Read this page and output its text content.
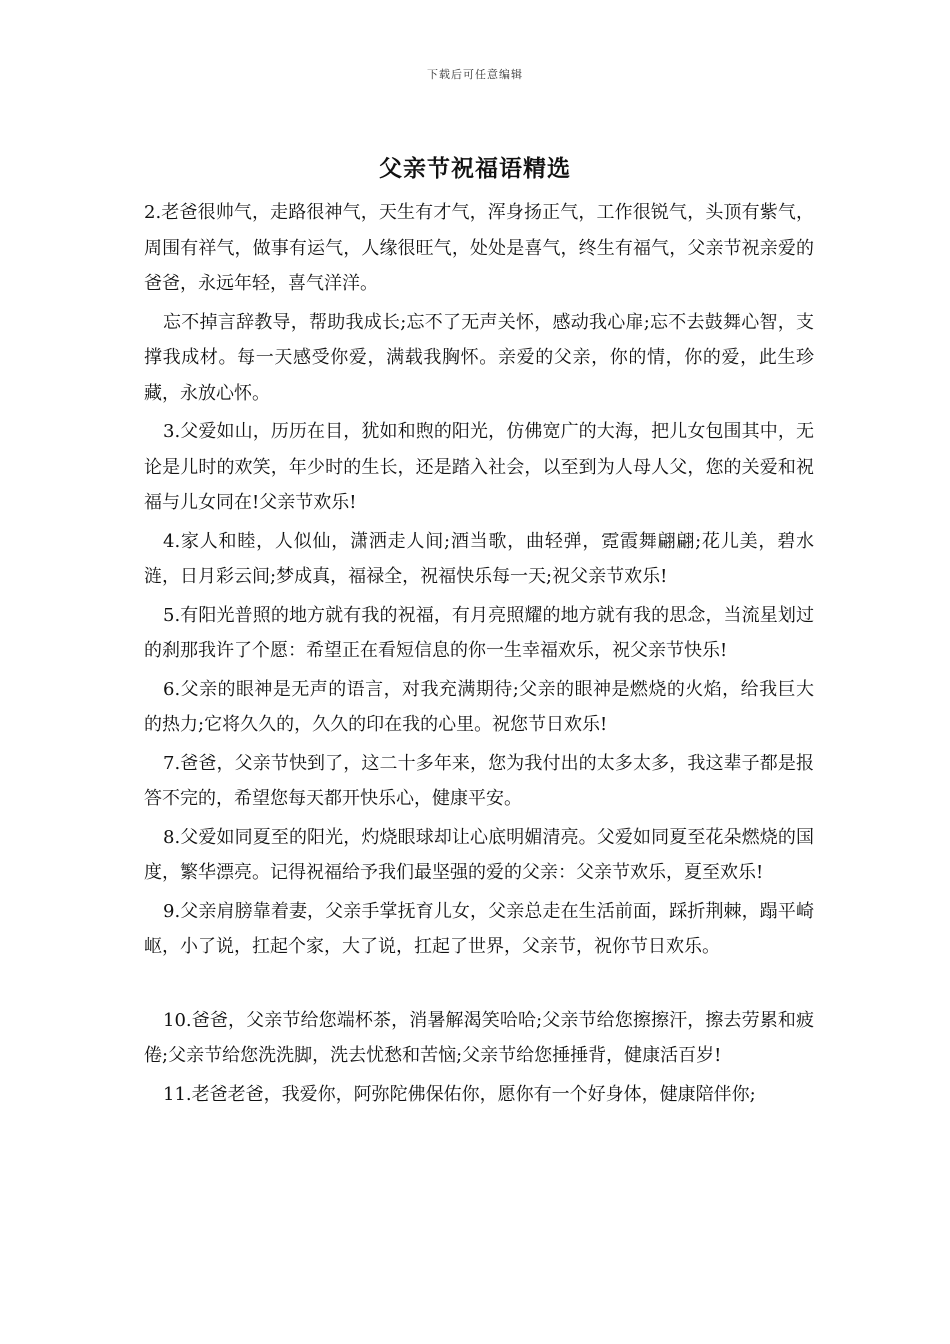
下载后可任意编辑
父亲节祝福语精选

2.老爸很帅气，走路很神气，天生有才气，浑身扬正气，工作很锐气，头顶有紫气，周围有祥气，做事有运气，人缘很旺气，处处是喜气，终生有福气，父亲节祝亲爱的爸爸，永远年轻，喜气洋洋。

忘不掉言辞教导，帮助我成长;忘不了无声关怀，感动我心扉;忘不去鼓舞心智，支撑我成材。每一天感受你爱，满载我胸怀。亲爱的父亲，你的情，你的爱，此生珍藏，永放心怀。

3.父爱如山，历历在目，犹如和煦的阳光，仿佛宽广的大海，把儿女包围其中，无论是儿时的欢笑，年少时的生长，还是踏入社会，以至到为人母人父，您的关爱和祝福与儿女同在!父亲节欢乐!

4.家人和睦，人似仙，潇洒走人间;酒当歌，曲轻弹，霓霞舞翩翩;花儿美，碧水涟，日月彩云间;梦成真，福禄全，祝福快乐每一天;祝父亲节欢乐!

5.有阳光普照的地方就有我的祝福，有月亮照耀的地方就有我的思念，当流星划过的刹那我许了个愿：希望正在看短信息的你一生幸福欢乐，祝父亲节快乐!

6.父亲的眼神是无声的语言，对我充满期待;父亲的眼神是燃烧的火焰，给我巨大的热力;它将久久的，久久的印在我的心里。祝您节日欢乐!

7.爸爸，父亲节快到了，这二十多年来，您为我付出的太多太多，我这辈子都是报答不完的，希望您每天都开快乐心，健康平安。

8.父爱如同夏至的阳光，灼烧眼球却让心底明媚清亮。父爱如同夏至花朵燃烧的国度，繁华漂亮。记得祝福给予我们最坚强的爱的父亲：父亲节欢乐，夏至欢乐!

9.父亲肩膀靠着妻，父亲手掌抚育儿女，父亲总走在生活前面，踩折荆棘，蹋平崎岖，小了说，扛起个家，大了说，扛起了世界，父亲节，祝你节日欢乐。

10.爸爸，父亲节给您端杯茶，消暑解渴笑哈哈;父亲节给您擦擦汗，擦去劳累和疲倦;父亲节给您洗洗脚，洗去忧愁和苦恼;父亲节给您捶捶背，健康活百岁!

11.老爸老爸，我爱你，阿弥陀佛保佑你，愿你有一个好身体，健康陪伴你;
